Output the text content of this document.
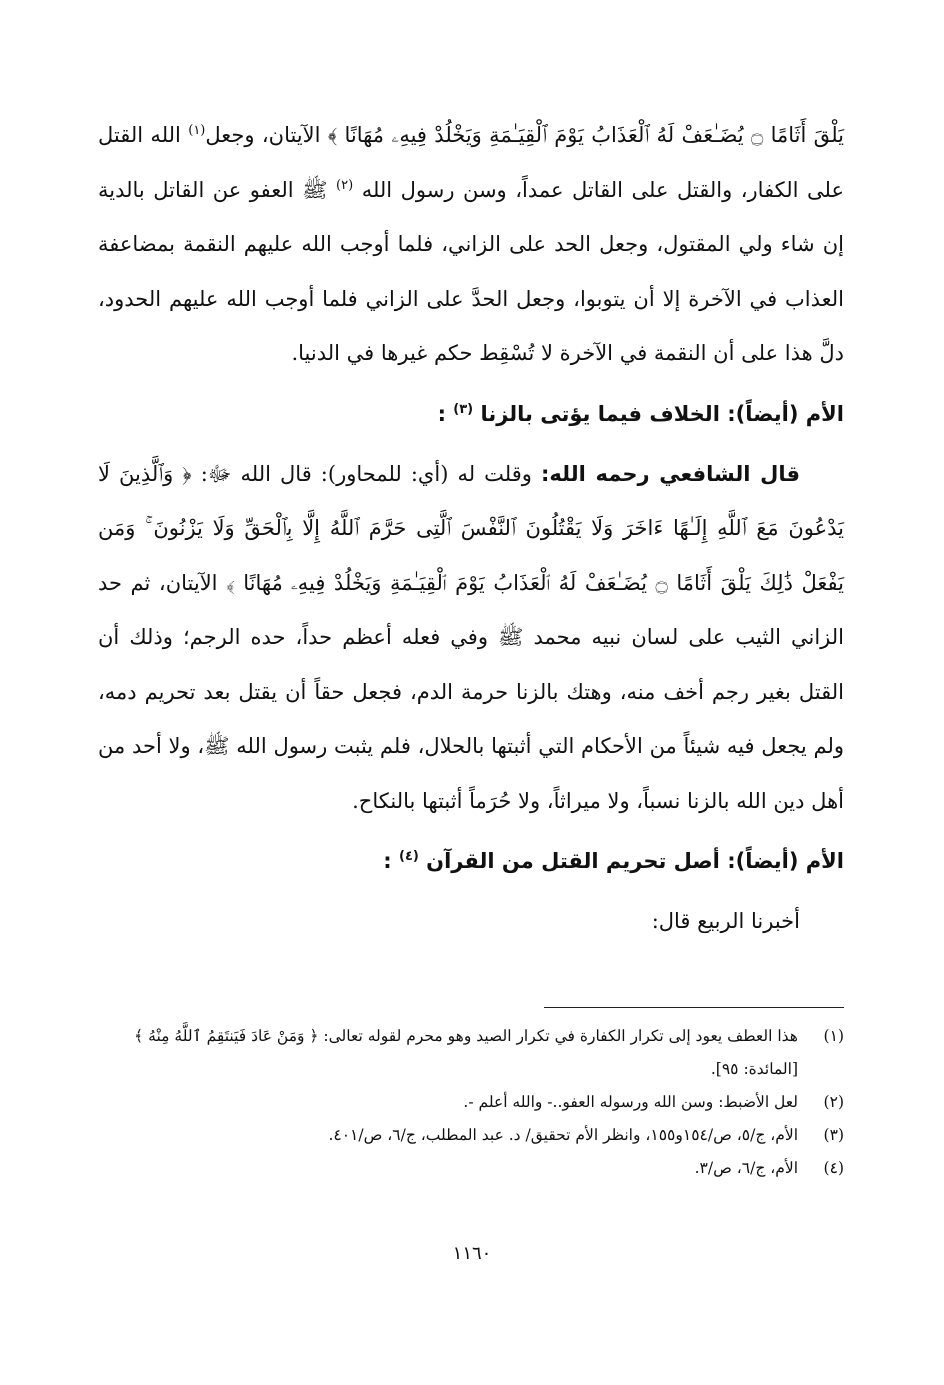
يَلْقَ أَثَامًا ۝ يُضَـٰعَفْ لَهُ ٱلْعَذَابُ يَوْمَ ٱلْقِيَـٰمَةِ وَيَخْلُدْ فِيهِۦ مُهَانًا ﴾ الآيتان، وجعل$^{(١)}$ الله القتل على الكفار، والقتل على القاتل عمداً، وسن رسول الله $^{(٢)}$ ﷺ العفو عن القاتل بالدية إن شاء ولي المقتول، وجعل الحد على الزاني، فلما أوجب الله عليهم النقمة بمضاعفة العذاب في الآخرة إلا أن يتوبوا، وجعل الحدَّ على الزاني فلما أوجب الله عليهم الحدود، دلَّ هذا على أن النقمة في الآخرة لا تُسْقِط حكم غيرها في الدنيا.

الأم (أيضاً): الخلاف فيما يؤتى بالزنا $^{(٣)}$ :

قال الشافعي رحمه الله: وقلت له (أي: للمحاور): قال الله ﷻ: ﴿ وَٱلَّذِينَ لَا يَدْعُونَ مَعَ ٱللَّهِ إِلَـٰهًا ءَاخَرَ وَلَا يَقْتُلُونَ ٱلنَّفْسَ ٱلَّتِى حَرَّمَ ٱللَّهُ إِلَّا بِٱلْحَقِّ وَلَا يَزْنُونَ ۚ وَمَن يَفْعَلْ ذَٰلِكَ يَلْقَ أَثَامًا ۝ يُضَـٰعَفْ لَهُ ٱلْعَذَابُ يَوْمَ ٱلْقِيَـٰمَةِ وَيَخْلُدْ فِيهِۦ مُهَانًا ﴾ الآيتان، ثم حد الزاني الثيب على لسان نبيه محمد ﷺ وفي فعله أعظم حداً، حده الرجم؛ وذلك أن القتل بغير رجم أخف منه، وهتك بالزنا حرمة الدم، فجعل حقاً أن يقتل بعد تحريم دمه، ولم يجعل فيه شيئاً من الأحكام التي أثبتها بالحلال، فلم يثبت رسول الله ﷺ، ولا أحد من أهل دين الله بالزنا نسباً، ولا ميراثاً، ولا حُرَماً أثبتها بالنكاح.

الأم (أيضاً): أصل تحريم القتل من القرآن $^{(٤)}$ :

أخبرنا الربيع قال:

(١)
هذا العطف يعود إلى تكرار الكفارة في تكرار الصيد وهو محرم لقوله تعالى: ﴿ وَمَنْ عَادَ فَيَنتَقِمُ ٱللَّهُ مِنْهُ ﴾ [المائدة: ٩٥].
(٢)
لعل الأضبط: وسن الله ورسوله العفو..- والله أعلم -.
(٣)
الأم، ج/٥، ص/١٥٤و١٥٥، وانظر الأم تحقيق/ د. عبد المطلب، ج/٦، ص/٤٠١.
(٤)
الأم، ج/٦، ص/٣.
١١٦٠
